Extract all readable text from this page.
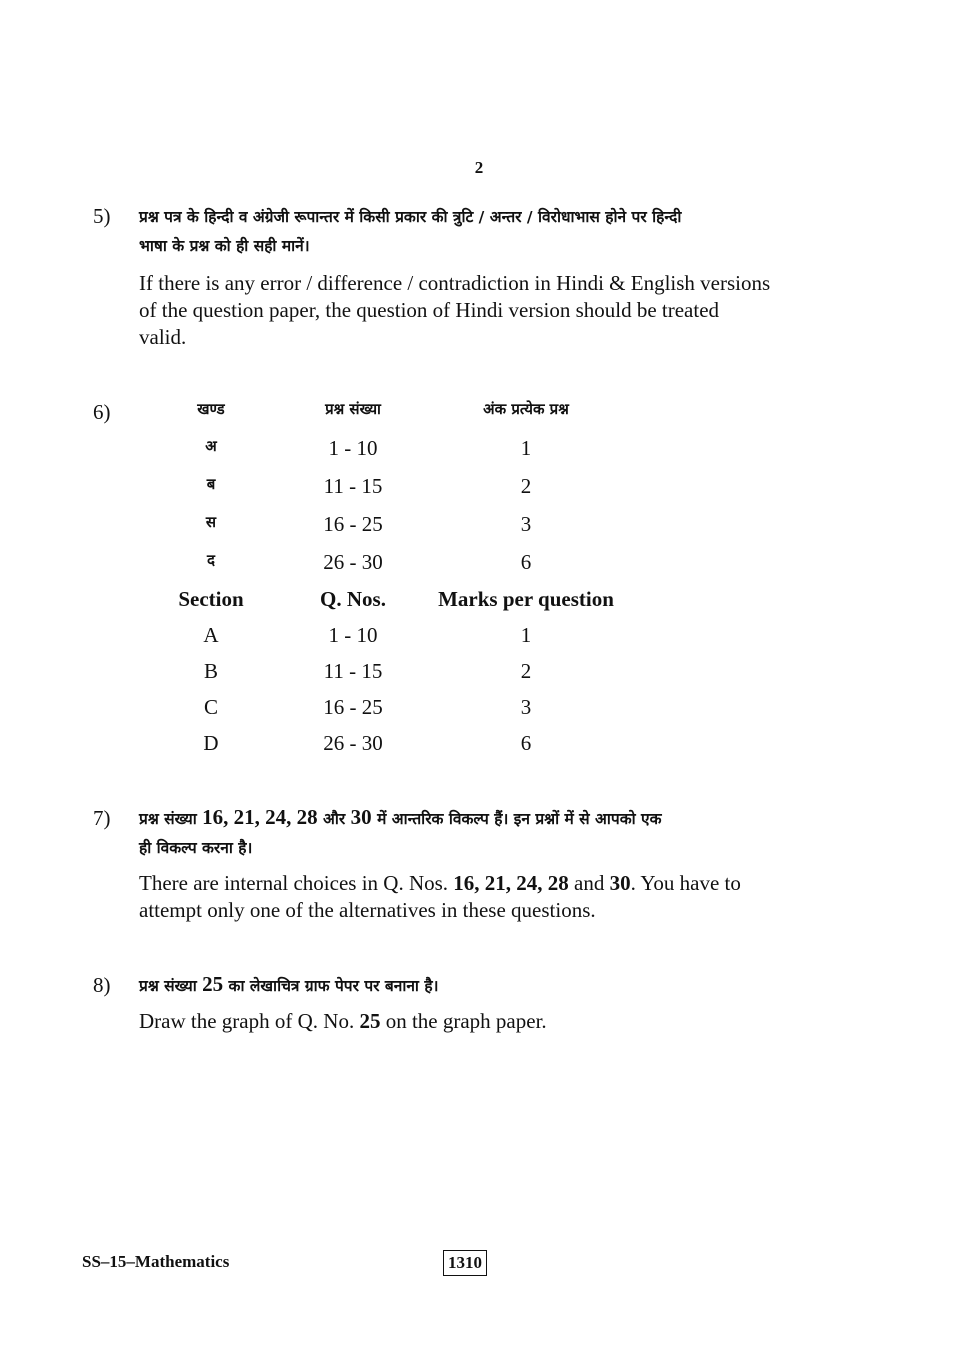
2
5) प्रश्न पत्र के हिन्दी व अंग्रेजी रूपान्तर में किसी प्रकार की त्रुटि / अन्तर / विरोधाभास होने पर हिन्दी
भाषा के प्रश्न को ही सही मानें।
If there is any error / difference / contradiction in Hindi & English versions
of the question paper, the question of Hindi version should be treated
valid.
6)	खण्ड	प्रश्न संख्या	अंक प्रत्येक प्रश्न
अ	1 - 10	1
ब	11 - 15	2
स	16 - 25	3
द	26 - 30	6
Section	Q. Nos.	Marks per question
A	1 - 10	1
B	11 - 15	2
C	16 - 25	3
D	26 - 30	6
7) प्रश्न संख्या 16, 21, 24, 28 और 30 में आन्तरिक विकल्प हैं। इन प्रश्नों में से आपको एक
ही विकल्प करना है।
There are internal choices in Q. Nos. 16, 21, 24, 28 and 30. You have to
attempt only one of the alternatives in these questions.
8) प्रश्न संख्या 25 का लेखाचित्र ग्राफ पेपर पर बनाना है।
Draw the graph of Q. No. 25 on the graph paper.
SS–15–Mathematics	1310
